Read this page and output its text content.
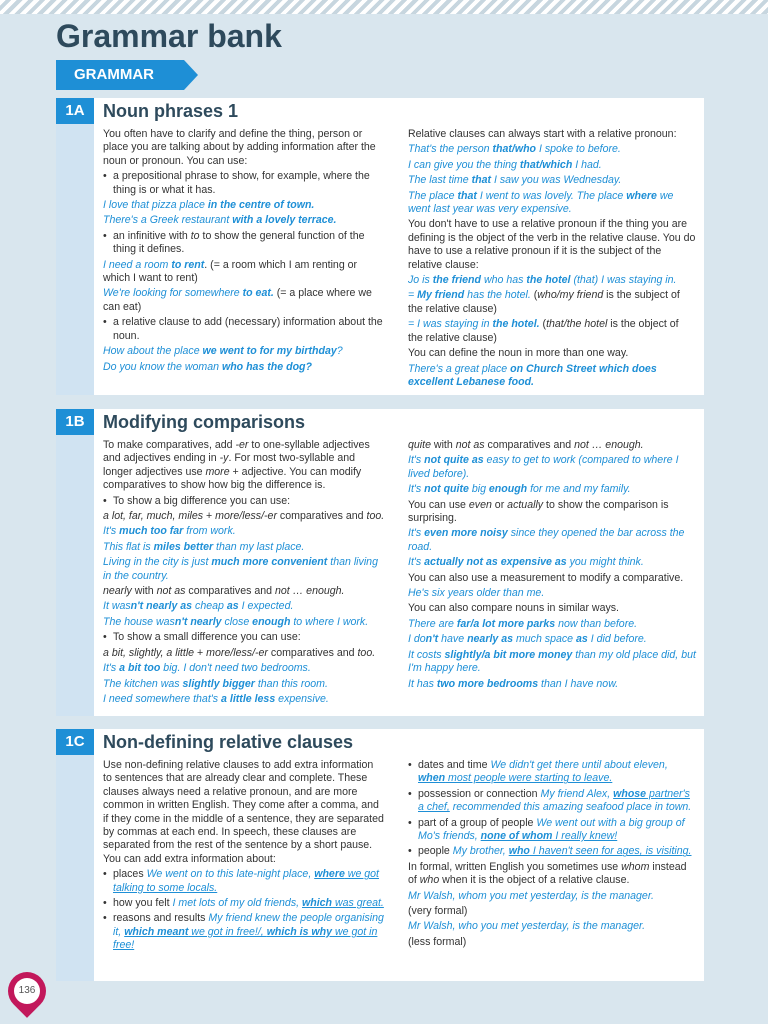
Grammar bank
GRAMMAR
1A	Noun phrases 1

You often have to clarify and define the thing, person or place you are talking about by adding information after the noun or pronoun. You can use:

• a prepositional phrase to show, for example, where the thing is or what it has.

I love that pizza place in the centre of town.

There's a Greek restaurant with a lovely terrace.

• an infinitive with to to show the general function of the thing it defines.

I need a room to rent. (= a room which I am renting or which I want to rent)

We're looking for somewhere to eat. (= a place where we can eat)

• a relative clause to add (necessary) information about the noun.

How about the place we went to for my birthday?

Do you know the woman who has the dog?

Relative clauses can always start with a relative pronoun:

That's the person that/who I spoke to before.

I can give you the thing that/which I had.

The last time that I saw you was Wednesday.

The place that I went to was lovely. The place where we went last year was very expensive.

You don't have to use a relative pronoun if the thing you are defining is the object of the verb in the relative clause. You do have to use a relative pronoun if it is the subject of the relative clause:

Jo is the friend who has the hotel (that) I was staying in.

= My friend has the hotel. (who/my friend is the subject of the relative clause)

= I was staying in the hotel. (that/the hotel is the object of the relative clause)

You can define the noun in more than one way.

There's a great place on Church Street which does excellent Lebanese food.

1B	Modifying comparisons

To make comparatives, add -er to one-syllable adjectives and adjectives ending in -y. For most two-syllable and longer adjectives use more + adjective. You can modify comparatives to show how big the difference is.

• To show a big difference you can use:

a lot, far, much, miles + more/less/-er comparatives and too.

It's much too far from work.

This flat is miles better than my last place.

Living in the city is just much more convenient than living in the country.

nearly with not as comparatives and not … enough.

It wasn't nearly as cheap as I expected.

The house wasn't nearly close enough to where I work.

• To show a small difference you can use:

a bit, slightly, a little + more/less/-er comparatives and too.

It's a bit too big. I don't need two bedrooms.

The kitchen was slightly bigger than this room.

I need somewhere that's a little less expensive.

quite with not as comparatives and not … enough.

It's not quite as easy to get to work (compared to where I lived before).

It's not quite big enough for me and my family.

You can use even or actually to show the comparison is surprising.

It's even more noisy since they opened the bar across the road.

It's actually not as expensive as you might think.

You can also use a measurement to modify a comparative.

He's six years older than me.

You can also compare nouns in similar ways.

There are far/a lot more parks now than before.

I don't have nearly as much space as I did before.

It costs slightly/a bit more money than my old place did, but I'm happy here.

It has two more bedrooms than I have now.

1C	Non-defining relative clauses

Use non-defining relative clauses to add extra information to sentences that are already clear and complete. These clauses always need a relative pronoun, and are more common in written English. They come after a comma, and if they come in the middle of a sentence, they are separated by commas at each end. In speech, these clauses are separated from the rest of the sentence by a short pause. You can add extra information about:

• places We went on to this late-night place, where we got talking to some locals.

• how you felt I met lots of my old friends, which was great.

• reasons and results My friend knew the people organising it, which meant we got in free!/, which is why we got in free!

• dates and time We didn't get there until about eleven, when most people were starting to leave.

• possession or connection My friend Alex, whose partner's a chef, recommended this amazing seafood place in town.

• part of a group of people We went out with a big group of Mo's friends, none of whom I really knew!

• people My brother, who I haven't seen for ages, is visiting.

In formal, written English you sometimes use whom instead of who when it is the object of a relative clause.

Mr Walsh, whom you met yesterday, is the manager.

(very formal)

Mr Walsh, who you met yesterday, is the manager.

(less formal)

136
